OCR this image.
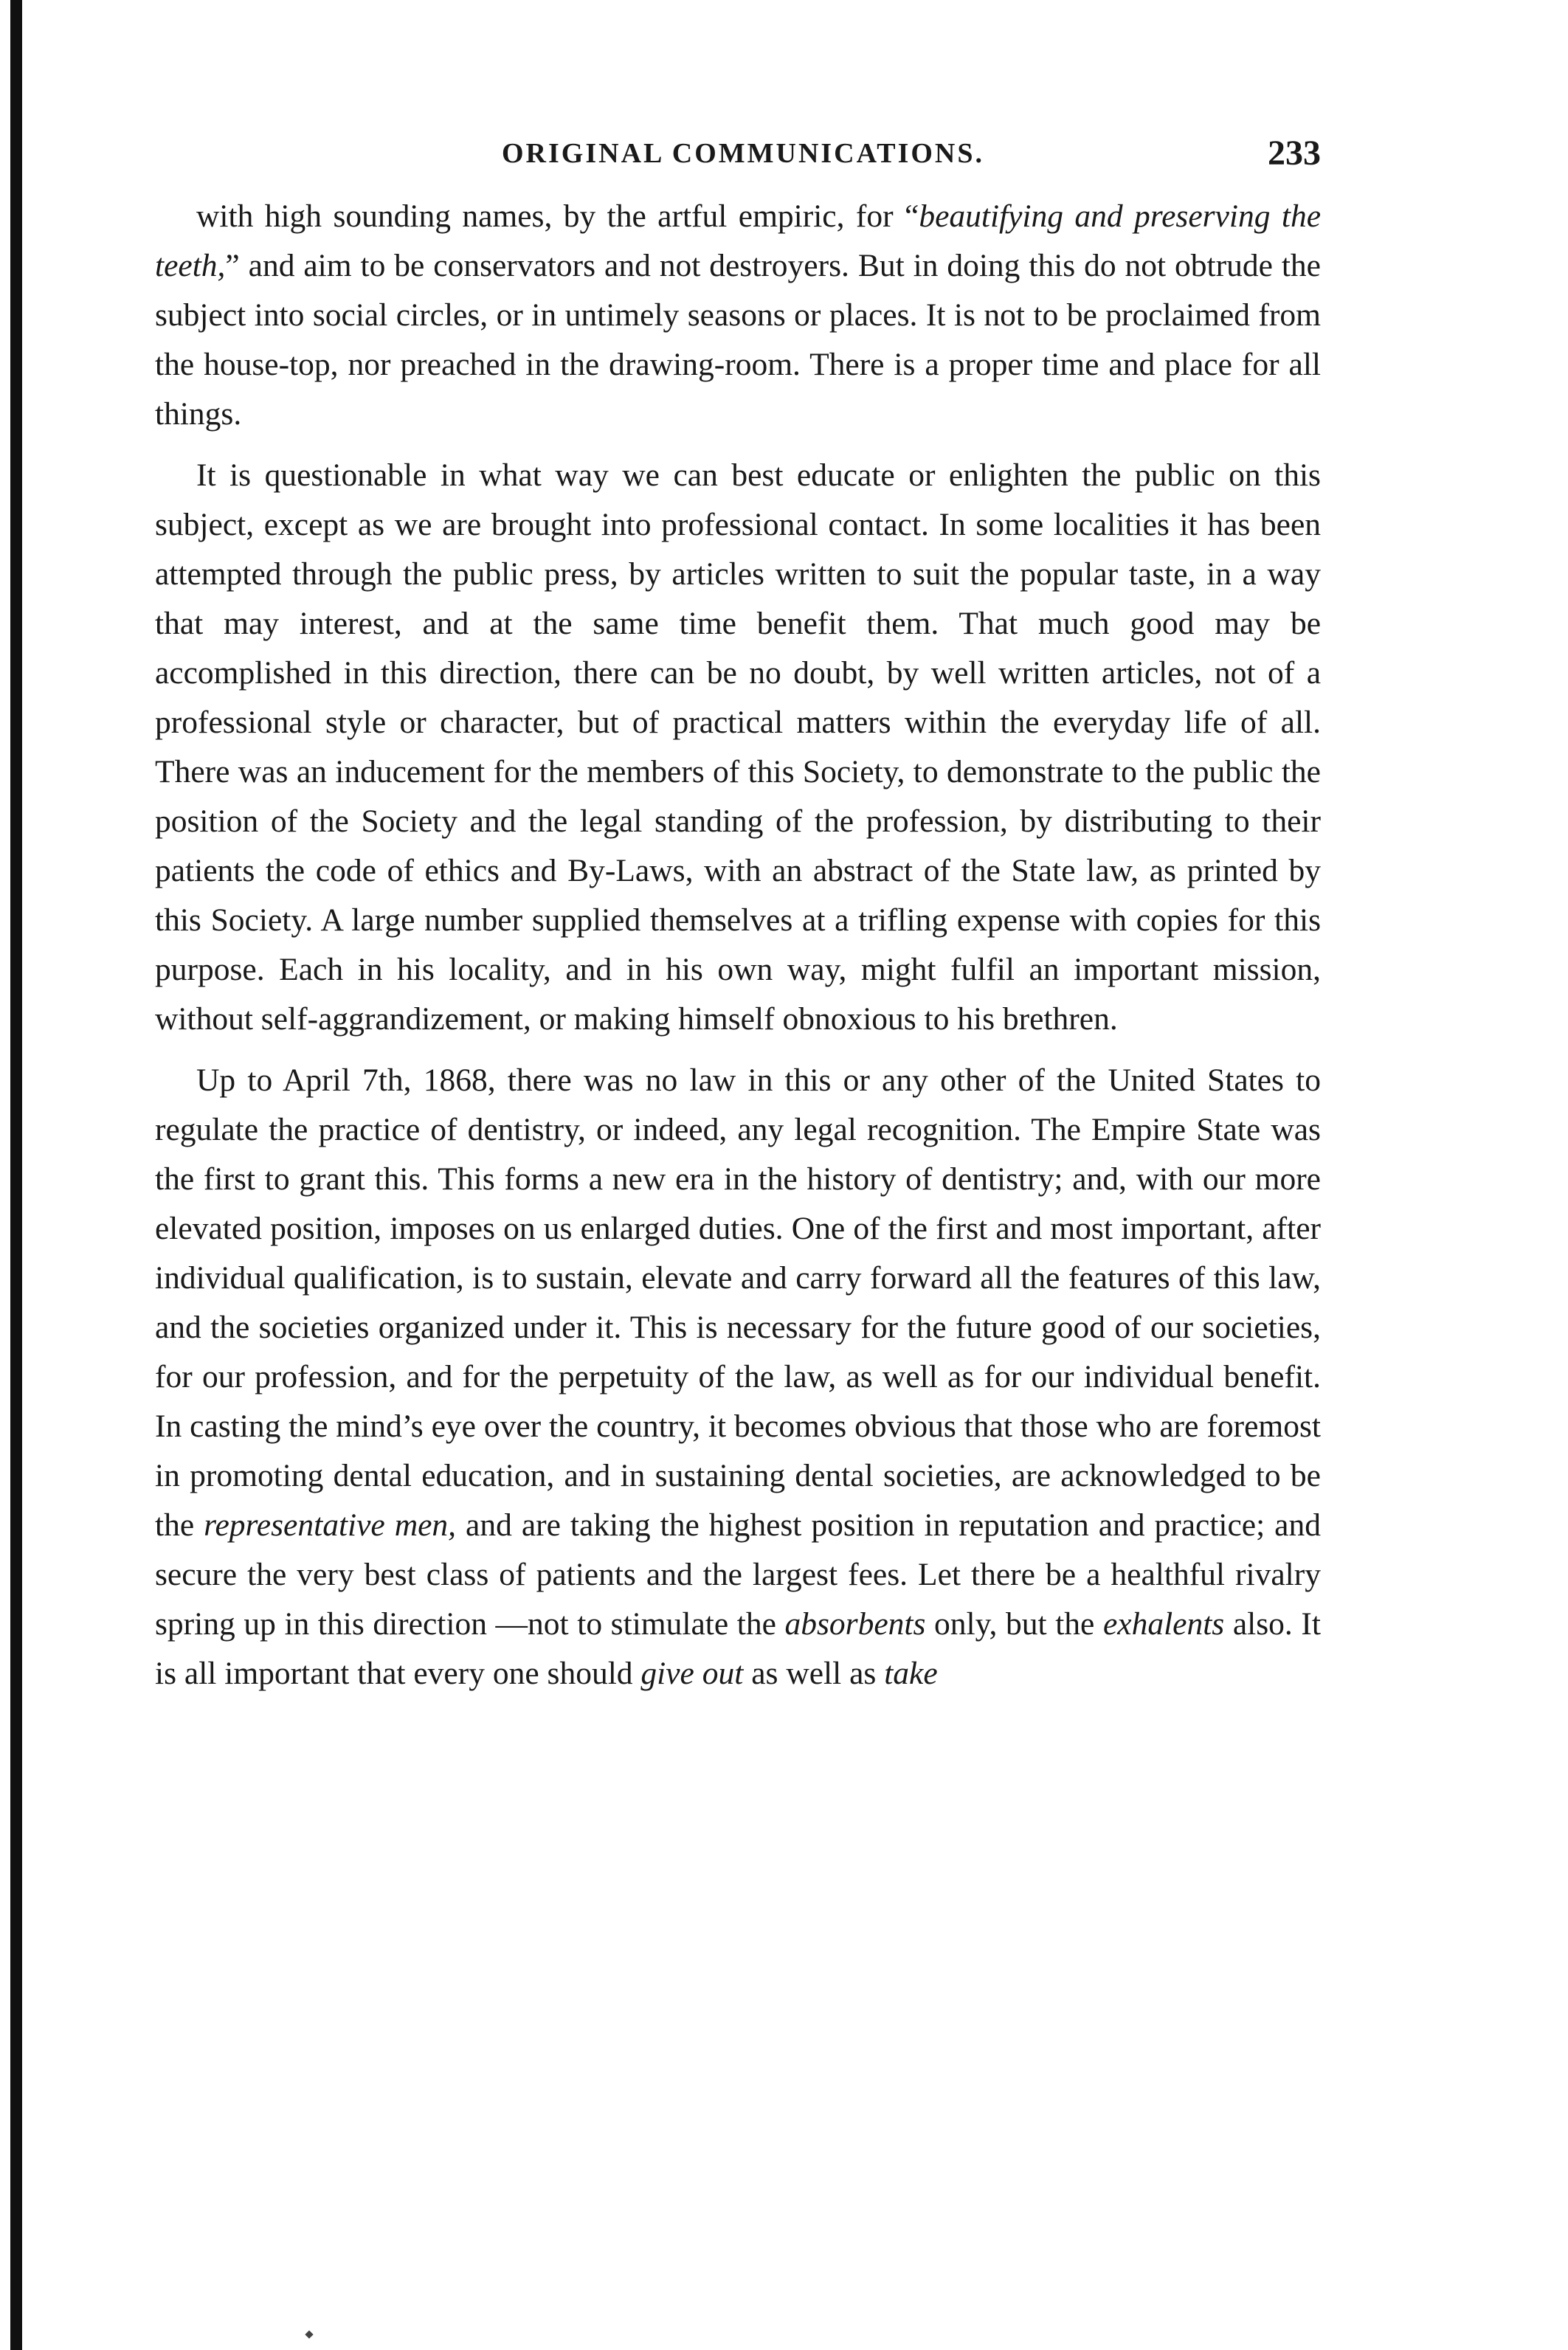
ORIGINAL COMMUNICATIONS.	233

with high sounding names, by the artful empiric, for “beautifying and preserving the teeth,” and aim to be conservators and not destroyers. But in doing this do not obtrude the subject into social circles, or in untimely seasons or places. It is not to be proclaimed from the house-top, nor preached in the drawing-room. There is a proper time and place for all things.

It is questionable in what way we can best educate or enlighten the public on this subject, except as we are brought into professional contact. In some localities it has been attempted through the public press, by articles written to suit the popular taste, in a way that may interest, and at the same time benefit them. That much good may be accomplished in this direction, there can be no doubt, by well written articles, not of a professional style or character, but of practical matters within the everyday life of all. There was an inducement for the members of this Society, to demonstrate to the public the position of the Society and the legal standing of the profession, by distributing to their patients the code of ethics and By-Laws, with an abstract of the State law, as printed by this Society. A large number supplied themselves at a trifling expense with copies for this purpose. Each in his locality, and in his own way, might fulfil an important mission, without self-aggrandizement, or making himself obnoxious to his brethren.

Up to April 7th, 1868, there was no law in this or any other of the United States to regulate the practice of dentistry, or indeed, any legal recognition. The Empire State was the first to grant this. This forms a new era in the history of dentistry; and, with our more elevated position, imposes on us enlarged duties. One of the first and most important, after individual qualification, is to sustain, elevate and carry forward all the features of this law, and the societies organized under it. This is necessary for the future good of our societies, for our profession, and for the perpetuity of the law, as well as for our individual benefit. In casting the mind’s eye over the country, it becomes obvious that those who are foremost in promoting dental education, and in sustaining dental societies, are acknowledged to be the representative men, and are taking the highest position in reputation and practice; and secure the very best class of patients and the largest fees. Let there be a healthful rivalry spring up in this direction —not to stimulate the absorbents only, but the exhalents also. It is all important that every one should give out as well as take
